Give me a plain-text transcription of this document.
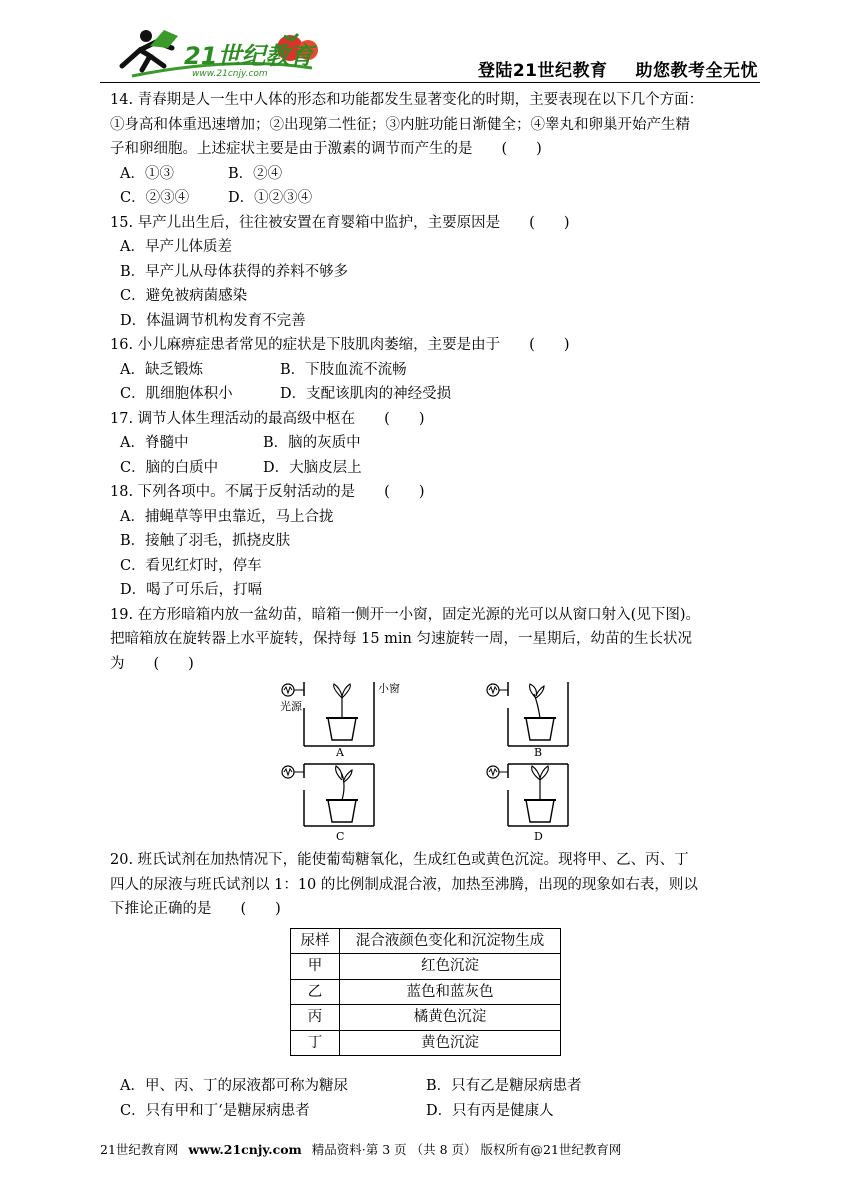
21世纪教育
www.21cnjy.com	登陆21世纪教育 助您教考全无忧

14. 青春期是人一生中人体的形态和功能都发生显著变化的时期，主要表现在以下几个方面：

①身高和体重迅速增加；②出现第二性征；③内脏功能日渐健全；④睾丸和卵巢开始产生精

子和卵细胞。上述症状主要是由于激素的调节而产生的是　　(　　)

A．①③	B．②④

C．②③④	D．①②③④

15. 早产儿出生后，往往被安置在育婴箱中监护，主要原因是　　(　　)

A．早产儿体质差

B．早产儿从母体获得的养料不够多

C．避免被病菌感染

D．体温调节机构发育不完善

16. 小儿麻痹症患者常见的症状是下肢肌肉萎缩，主要是由于　　(　　)

A．缺乏锻炼	B．下肢血流不流畅

C．肌细胞体积小	D．支配该肌肉的神经受损

17. 调节人体生理活动的最高级中枢在　　(　　)

A．脊髓中	B．脑的灰质中

C．脑的白质中	D．大脑皮层上

18. 下列各项中。不属于反射活动的是　　(　　)

A．捕蝇草等甲虫靠近，马上合拢

B．接触了羽毛，抓挠皮肤

C．看见红灯时，停车

D．喝了可乐后，打嗝

19. 在方形暗箱内放一盆幼苗，暗箱一侧开一小窗，固定光源的光可以从窗口射入(见下图)。

把暗箱放在旋转器上水平旋转，保持每 15 min 匀速旋转一周，一星期后，幼苗的生长状况

为　　(　　)

小窗
光源
A	B
C	D

20. 班氏试剂在加热情况下，能使葡萄糖氧化，生成红色或黄色沉淀。现将甲、乙、丙、丁

四人的尿液与班氏试剂以 1：10 的比例制成混合液，加热至沸腾，出现的现象如右表，则以

下推论正确的是　　(　　)

尿样	混合液颜色变化和沉淀物生成
甲	红色沉淀
乙	蓝色和蓝灰色
丙	橘黄色沉淀
丁	黄色沉淀

A．甲、丙、丁的尿液都可称为糖尿	B．只有乙是糖尿病患者

C．只有甲和丁‘是糖尿病患者	D．只有丙是健康人

21世纪教育网 www.21cnjy.com 精品资料·第 3 页 （共 8 页） 版权所有@21世纪教育网
